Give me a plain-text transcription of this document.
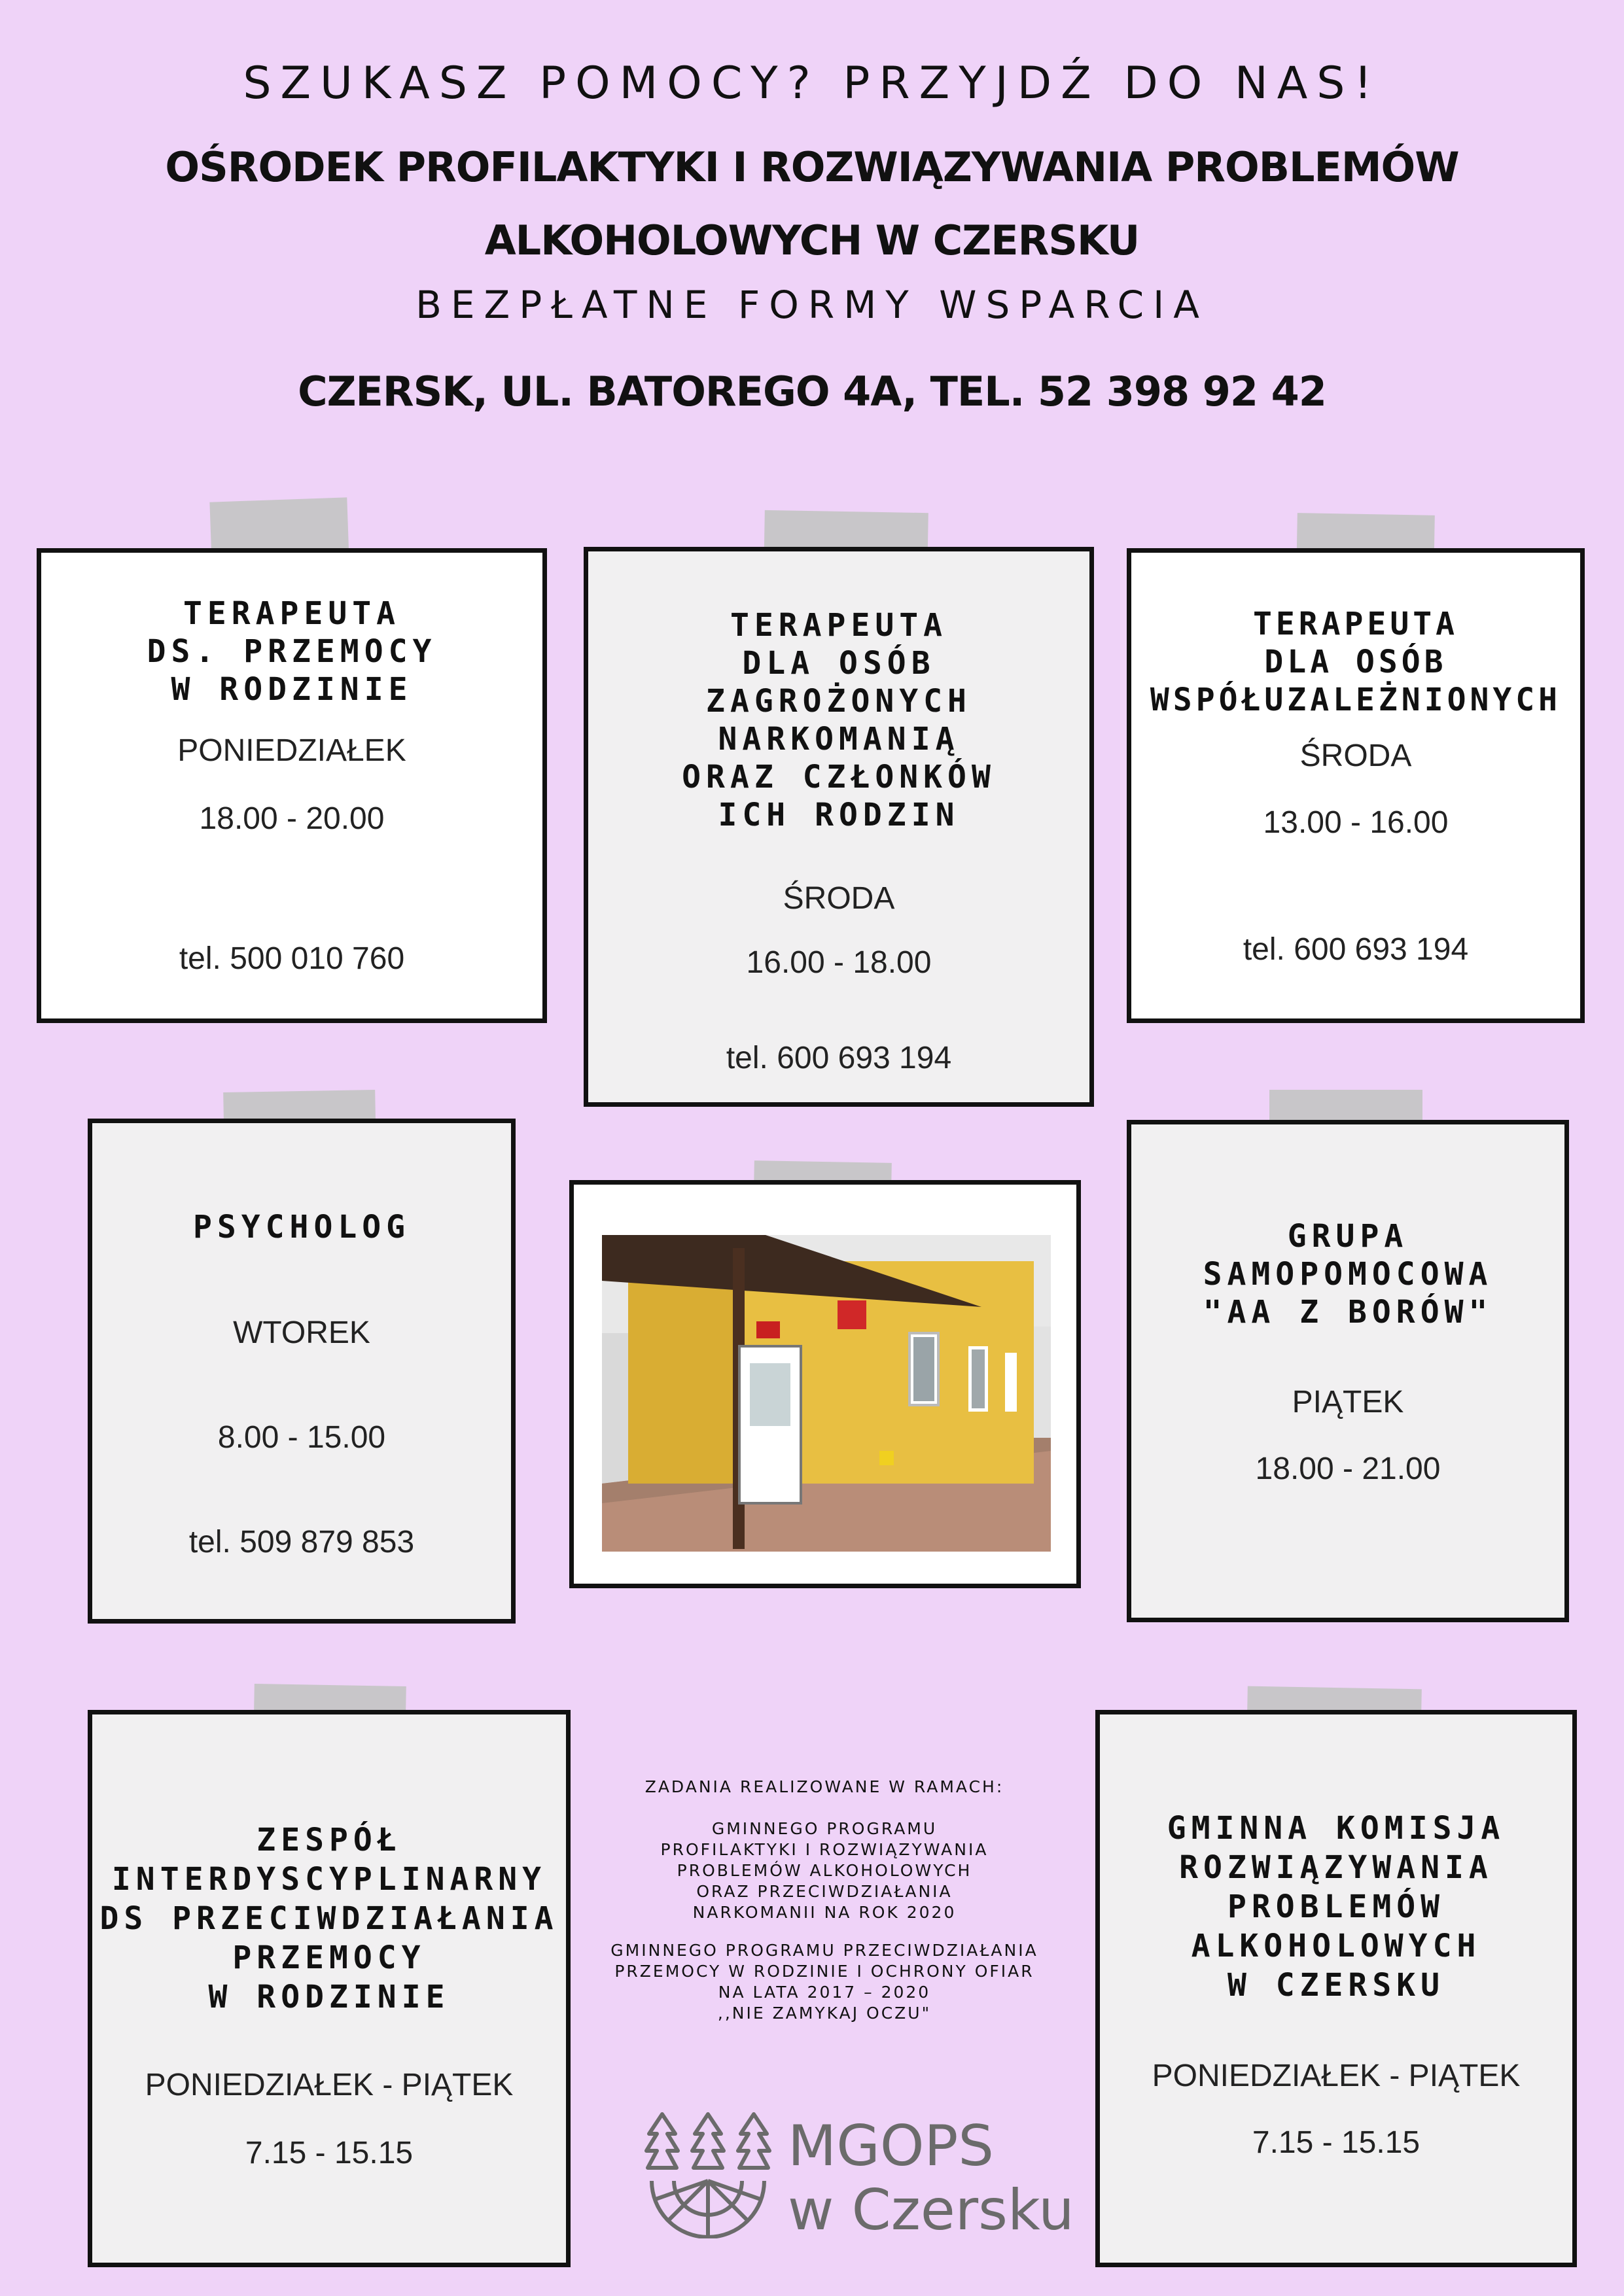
SZUKASZ POMOCY? PRZYJDŹ DO NAS!
OŚRODEK PROFILAKTYKI I ROZWIĄZYWANIA PROBLEMÓW
ALKOHOLOWYCH W CZERSKU
BEZPŁATNE FORMY WSPARCIA
CZERSK, UL. BATOREGO 4A, TEL. 52 398 92 42
TERAPEUTA
DS. PRZEMOCY
W RODZINIE
PONIEDZIAŁEK
18.00 - 20.00
tel. 500 010 760
TERAPEUTA
DLA OSÓB
ZAGROŻONYCH
NARKOMANIĄ
ORAZ CZŁONKÓW
ICH RODZIN
ŚRODA
16.00 - 18.00
tel. 600 693 194
TERAPEUTA
DLA OSÓB
WSPÓŁUZALEŻNIONYCH
ŚRODA
13.00 - 16.00
tel. 600 693 194
PSYCHOLOG
WTOREK
8.00 - 15.00
tel. 509 879 853
GRUPA
SAMOPOMOCOWA
"AA Z BORÓW"
PIĄTEK
18.00 - 21.00
ZESPÓŁ
INTERDYSCYPLINARNY
DS PRZECIWDZIAŁANIA
PRZEMOCY
W RODZINIE
PONIEDZIAŁEK - PIĄTEK
7.15 - 15.15
ZADANIA REALIZOWANE W RAMACH:
GMINNEGO PROGRAMU
PROFILAKTYKI I ROZWIĄZYWANIA
PROBLEMÓW ALKOHOLOWYCH
ORAZ PRZECIWDZIAŁANIA
NARKOMANII NA ROK 2020
GMINNEGO PROGRAMU PRZECIWDZIAŁANIA
PRZEMOCY W RODZINIE I OCHRONY OFIAR
NA LATA 2017 – 2020
,,NIE ZAMYKAJ OCZU"
MGOPS
w Czersku
GMINNA KOMISJA
ROZWIĄZYWANIA
PROBLEMÓW
ALKOHOLOWYCH
W CZERSKU
PONIEDZIAŁEK - PIĄTEK
7.15 - 15.15
